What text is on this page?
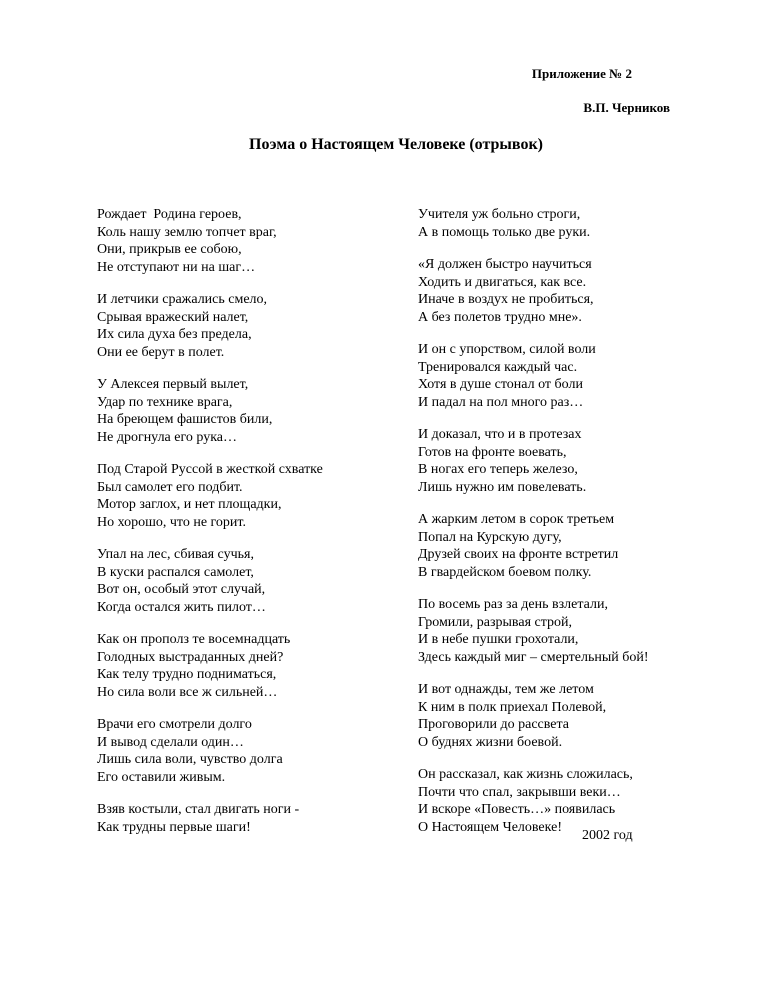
Приложение № 2
В.П. Черников
Поэма о Настоящем Человеке (отрывок)
Рождает  Родина героев,
Коль нашу землю топчет враг,
Они, прикрыв ее собою,
Не отступают ни на шаг…
И летчики сражались смело,
Срывая вражеский налет,
Их сила духа без предела,
Они ее берут в полет.
У Алексея первый вылет,
Удар по технике врага,
На бреющем фашистов били,
Не дрогнула его рука…
Под Старой Руссой в жесткой схватке
Был самолет его подбит.
Мотор заглох, и нет площадки,
Но хорошо, что не горит.
Упал на лес, сбивая сучья,
В куски распался самолет,
Вот он, особый этот случай,
Когда остался жить пилот…
Как он прополз те восемнадцать
Голодных выстраданных дней?
Как телу трудно подниматься,
Но сила воли все ж сильней…
Врачи его смотрели долго
И вывод сделали один…
Лишь сила воли, чувство долга
Его оставили живым.
Взяв костыли, стал двигать ноги -
Как трудны первые шаги!
Учителя уж больно строги,
А в помощь только две руки.
«Я должен быстро научиться
Ходить и двигаться, как все.
Иначе в воздух не пробиться,
А без полетов трудно мне».
И он с упорством, силой воли
Тренировался каждый час.
Хотя в душе стонал от боли
И падал на пол много раз…
И доказал, что и в протезах
Готов на фронте воевать,
В ногах его теперь железо,
Лишь нужно им повелевать.
А жарким летом в сорок третьем
Попал на Курскую дугу,
Друзей своих на фронте встретил
В гвардейском боевом полку.
По восемь раз за день взлетали,
Громили, разрывая строй,
И в небе пушки грохотали,
Здесь каждый миг – смертельный бой!
И вот однажды, тем же летом
К ним в полк приехал Полевой,
Проговорили до рассвета
О буднях жизни боевой.
Он рассказал, как жизнь сложилась,
Почти что спал, закрывши веки…
И вскоре «Повесть…» появилась
О Настоящем Человеке!
2002 год
